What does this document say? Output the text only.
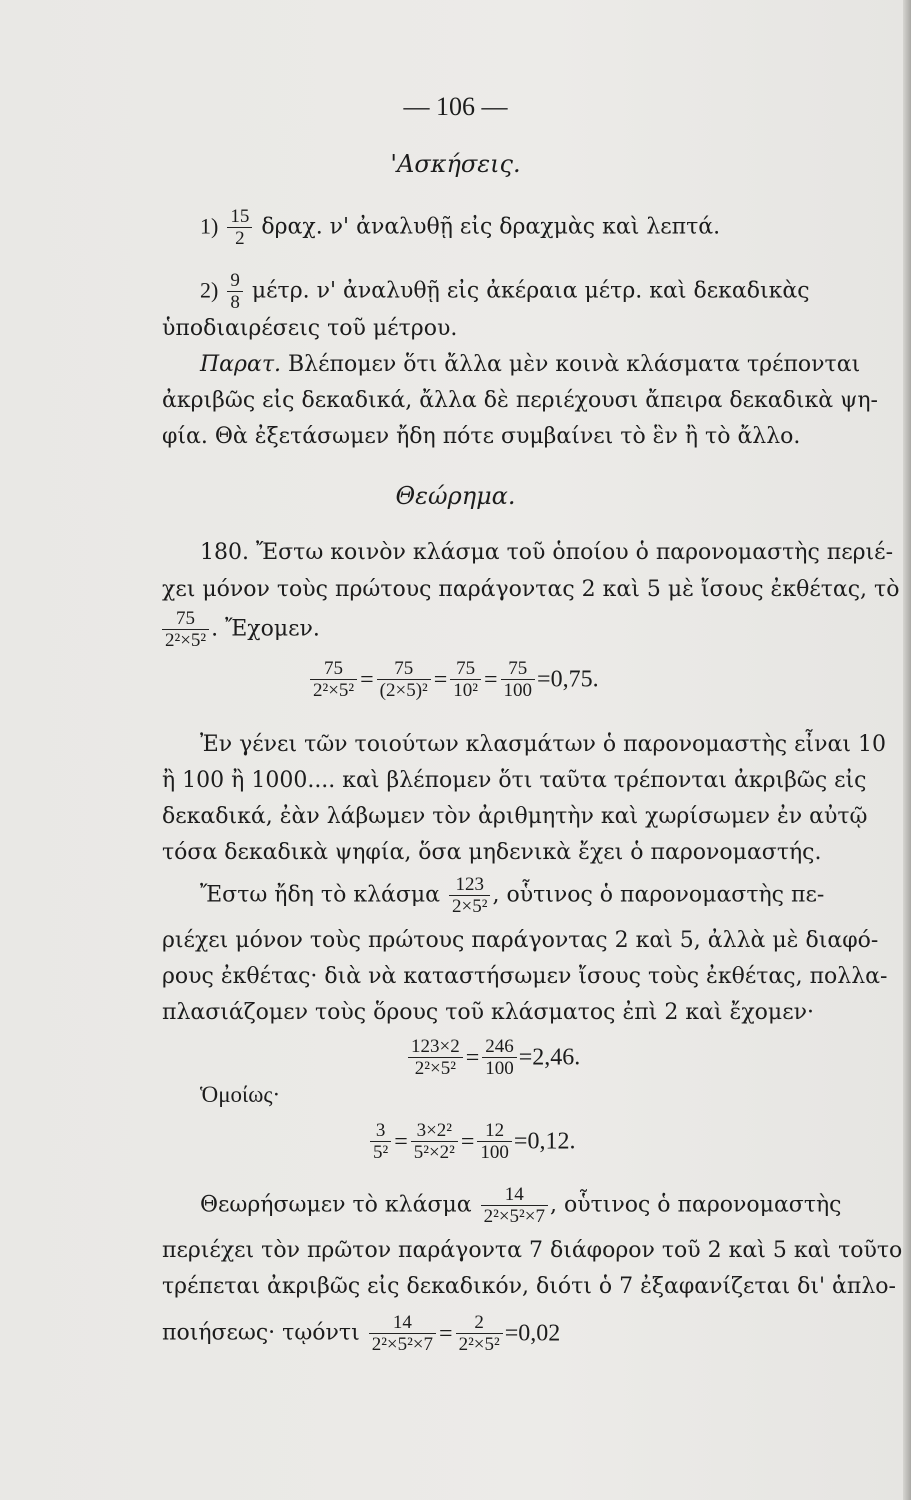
— 106 —
'Ασκήσεις.
$1) \frac{15}{2} \delta\rho\alpha\chi$. ν' ἀναλυθῇ εἰς δραχμὰς καὶ λεπτά.
$2) \frac{9}{8} \mu έ\tau\rho$. ν' ἀναλυθῇ εἰς ἀκέραια μέτρ. καὶ δεκαδικὰς
ὑποδιαιρέσεις τοῦ μέτρου.
Παρατ. Βλέπομεν ὅτι ἄλλα μὲν κοινὰ κλάσματα τρέπονται
ἀκριβῶς εἰς δεκαδικά, ἄλλα δὲ περιέχουσι ἄπειρα δεκαδικὰ ψη-
φία. Θὰ ἐξετάσωμεν ἤδη πότε συμβαίνει τὸ ἓν ἢ τὸ ἄλλο.
Θεώρημα.
180. Ἔστω κοινὸν κλάσμα τοῦ ὁποίου ὁ παρονομαστὴς περιέ-
χει μόνον τοὺς πρώτους παράγοντας 2 καὶ 5 μὲ ἴσους ἐκθέτας, τὸ
$\frac{75}{\text{2²×5²}}$ . Ἔχομεν.
$\frac{75}{\text{2²×5²}} = \frac{75}{\text{(2×5)²}} = \frac{75}{\text{10²}} = \frac{75}{100} =0,75$.
Ἐν γένει τῶν τοιούτων κλασμάτων ὁ παρονομαστὴς εἶναι 10
ἢ 100 ἢ 1000.... καὶ βλέπομεν ὅτι ταῦτα τρέπονται ἀκριβῶς εἰς
δεκαδικά, ἐὰν λάβωμεν τὸν ἀριθμητὴν καὶ χωρίσωμεν ἐν αὐτῷ
τόσα δεκαδικὰ ψηφία, ὅσα μηδενικὰ ἔχει ὁ παρονομαστής.
Ἔστω ἤδη τὸ κλάσμα $\frac{123}{\text{2×5²}}$ , οὗτινος ὁ παρονομαστὴς πε-
ριέχει μόνον τοὺς πρώτους παράγοντας 2 καὶ 5, ἀλλὰ μὲ διαφό-
ρους ἐκθέτας· διὰ νὰ καταστήσωμεν ἴσους τοὺς ἐκθέτας, πολλα-
πλασιάζομεν τοὺς ὅρους τοῦ κλάσματος ἐπὶ 2 καὶ ἔχομεν·
$\frac{123\times 2}{\text{2²×5²}} = \frac{246}{100} =2,46$.
Ὁμοίως·
$\frac{3}{\text{5²}} = \frac{\text{3×2²}}{\text{5²×2²}} = \frac{12}{100} =0,12$.
Θεωρήσωμεν τὸ κλάσμα $\frac{14}{\text{2²×5²×7}}$ , οὗτινος ὁ παρονομαστὴς
περιέχει τὸν πρῶτον παράγοντα 7 διάφορον τοῦ 2 καὶ 5 καὶ τοῦτο
τρέπεται ἀκριβῶς εἰς δεκαδικόν, διότι ὁ 7 ἐξαφανίζεται δι' ἁπλο-
ποιήσεως· τῳόντι $\frac{14}{\text{2²×5²×7}} = \frac{2}{\text{2²×5²}} =0,02$
